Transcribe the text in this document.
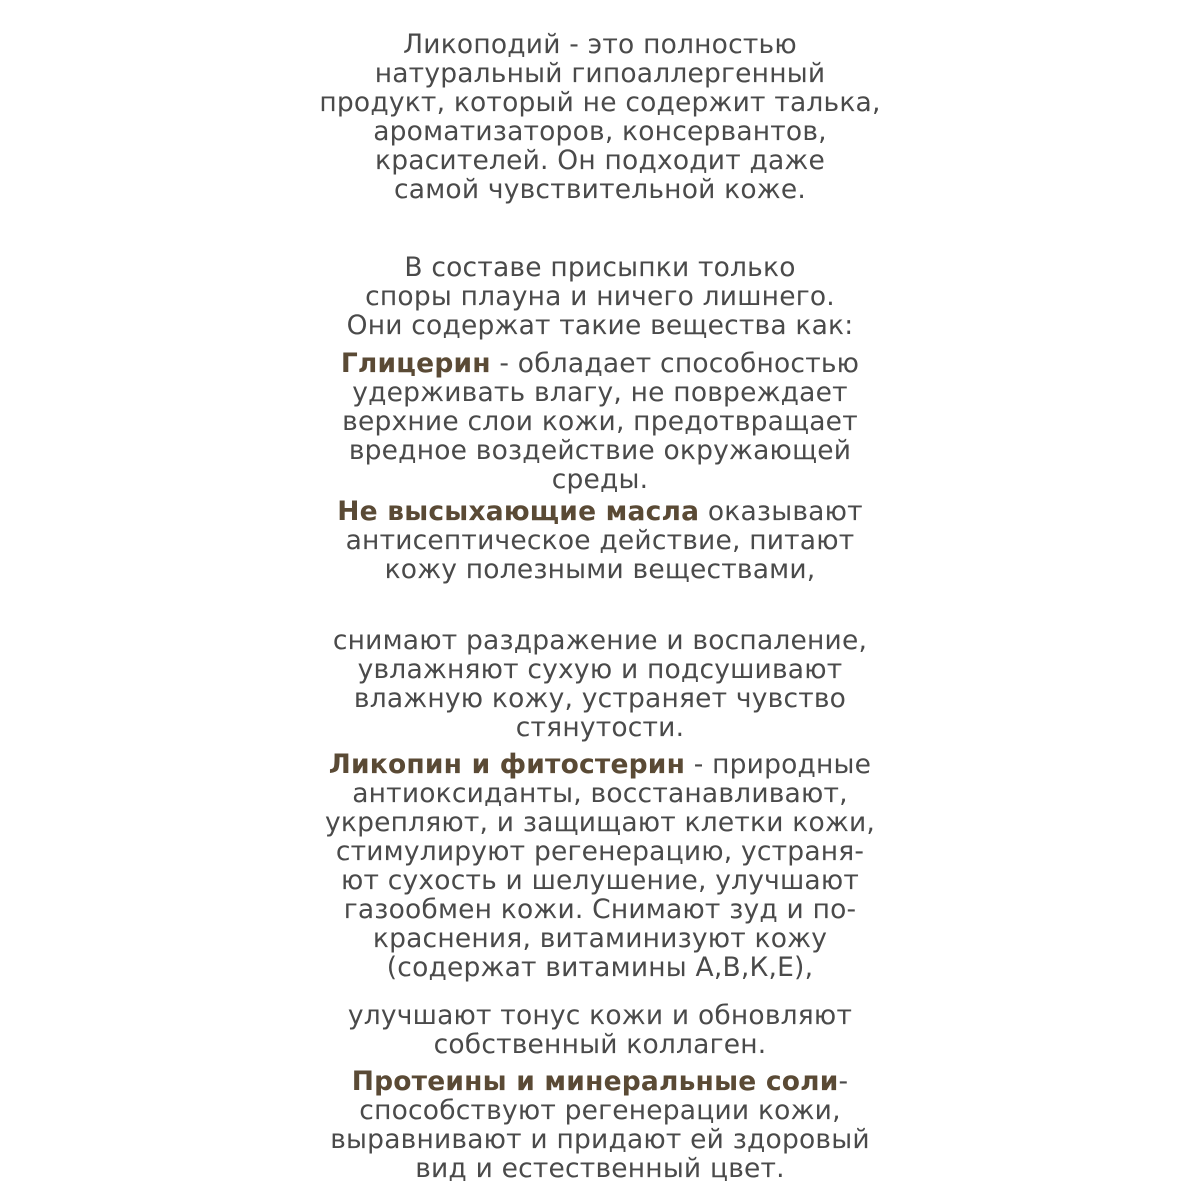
Ликоподий - это полностью
натуральный гипоаллергенный
продукт, который не содержит талька,
ароматизаторов, консервантов,
красителей. Он подходит даже
самой чувствительной коже.
В составе присыпки только
споры плауна и ничего лишнего.
Они содержат такие вещества как:
Глицерин - обладает способностью
удерживать влагу, не повреждает
верхние слои кожи, предотвращает
вредное воздействие окружающей
среды.
Не высыхающие масла оказывают
антисептическое действие, питают
кожу полезными веществами,
снимают раздражение и воспаление,
увлажняют сухую и подсушивают
влажную кожу, устраняет чувство
стянутости.
Ликопин и фитостерин - природные
антиоксиданты, восстанавливают,
укрепляют, и защищают клетки кожи,
стимулируют регенерацию, устраня-
ют сухость и шелушение, улучшают
газообмен кожи. Снимают зуд и по-
краснения, витаминизуют кожу
(содержат витамины А,В,К,Е),
улучшают тонус кожи и обновляют
собственный коллаген.
Протеины и минеральные соли-
способствуют регенерации кожи,
выравнивают и придают ей здоровый
вид и естественный цвет.
